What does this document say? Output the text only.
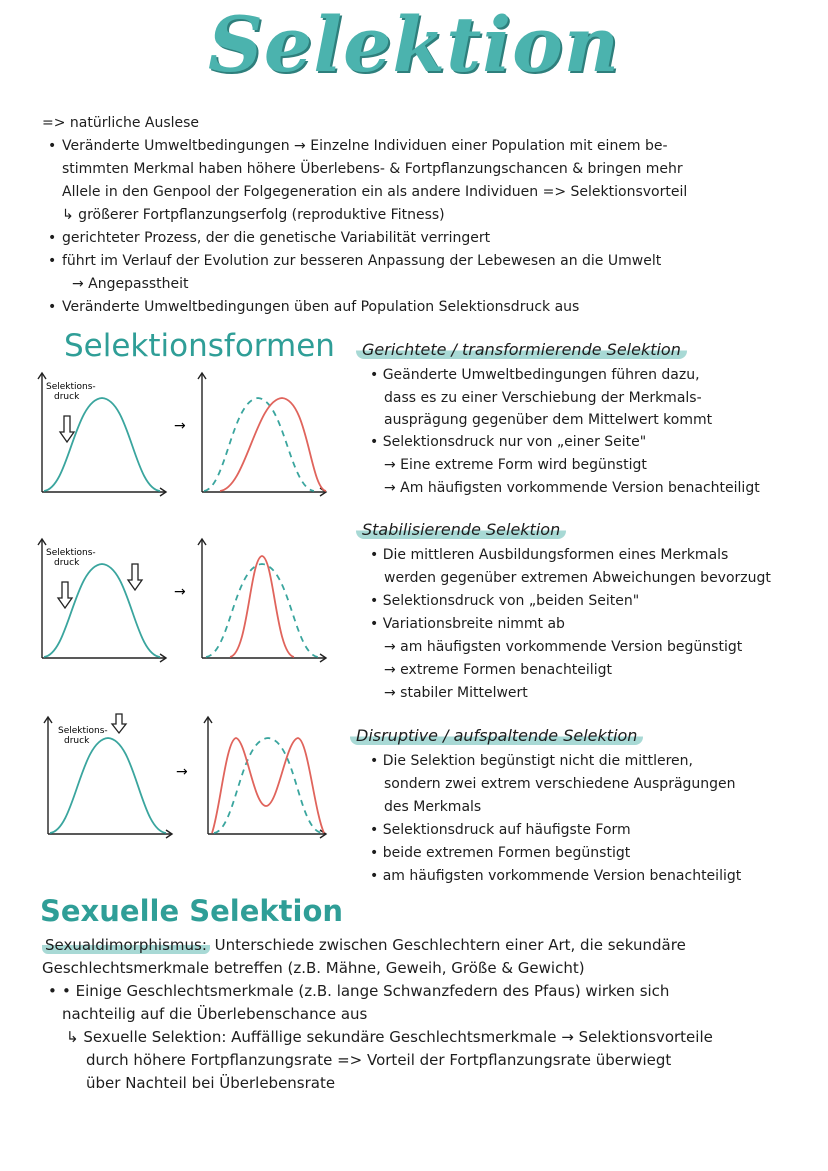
Selektion
=> natürliche Auslese
• Veränderte Umweltbedingungen → Einzelne Individuen einer Population mit einem be-
stimmten Merkmal haben höhere Überlebens- & Fortpflanzungschancen & bringen mehr
Allele in den Genpool der Folgegeneration ein als andere Individuen => Selektionsvorteil
↳ größerer Fortpflanzungserfolg (reproduktive Fitness)
• gerichteter Prozess, der die genetische Variabilität verringert
• führt im Verlauf der Evolution zur besseren Anpassung der Lebewesen an die Umwelt
→ Angepasstheit
• Veränderte Umweltbedingungen üben auf Population Selektionsdruck aus
Selektionsformen
Selektions-
druck
→
Gerichtete / transformierende Selektion
• Geänderte Umweltbedingungen führen dazu,
dass es zu einer Verschiebung der Merkmals-
ausprägung gegenüber dem Mittelwert kommt
• Selektionsdruck nur von „einer Seite"
→ Eine extreme Form wird begünstigt
→ Am häufigsten vorkommende Version benachteiligt
Selektions-
druck
→
Stabilisierende Selektion
• Die mittleren Ausbildungsformen eines Merkmals
werden gegenüber extremen Abweichungen bevorzugt
• Selektionsdruck von „beiden Seiten"
• Variationsbreite nimmt ab
→ am häufigsten vorkommende Version begünstigt
→ extreme Formen benachteiligt
→ stabiler Mittelwert
Selektions-
druck
→
Disruptive / aufspaltende Selektion
• Die Selektion begünstigt nicht die mittleren,
sondern zwei extrem verschiedene Ausprägungen
des Merkmals
• Selektionsdruck auf häufigste Form
• beide extremen Formen begünstigt
• am häufigsten vorkommende Version benachteiligt
Sexuelle Selektion
Sexualdimorphismus: Unterschiede zwischen Geschlechtern einer Art, die sekundäre
Geschlechtsmerkmale betreffen (z.B. Mähne, Geweih, Größe & Gewicht)
• • Einige Geschlechtsmerkmale (z.B. lange Schwanzfedern des Pfaus) wirken sich
nachteilig auf die Überlebenschance aus
↳ Sexuelle Selektion: Auffällige sekundäre Geschlechtsmerkmale → Selektionsvorteile
durch höhere Fortpflanzungsrate => Vorteil der Fortpflanzungsrate überwiegt
über Nachteil bei Überlebensrate
